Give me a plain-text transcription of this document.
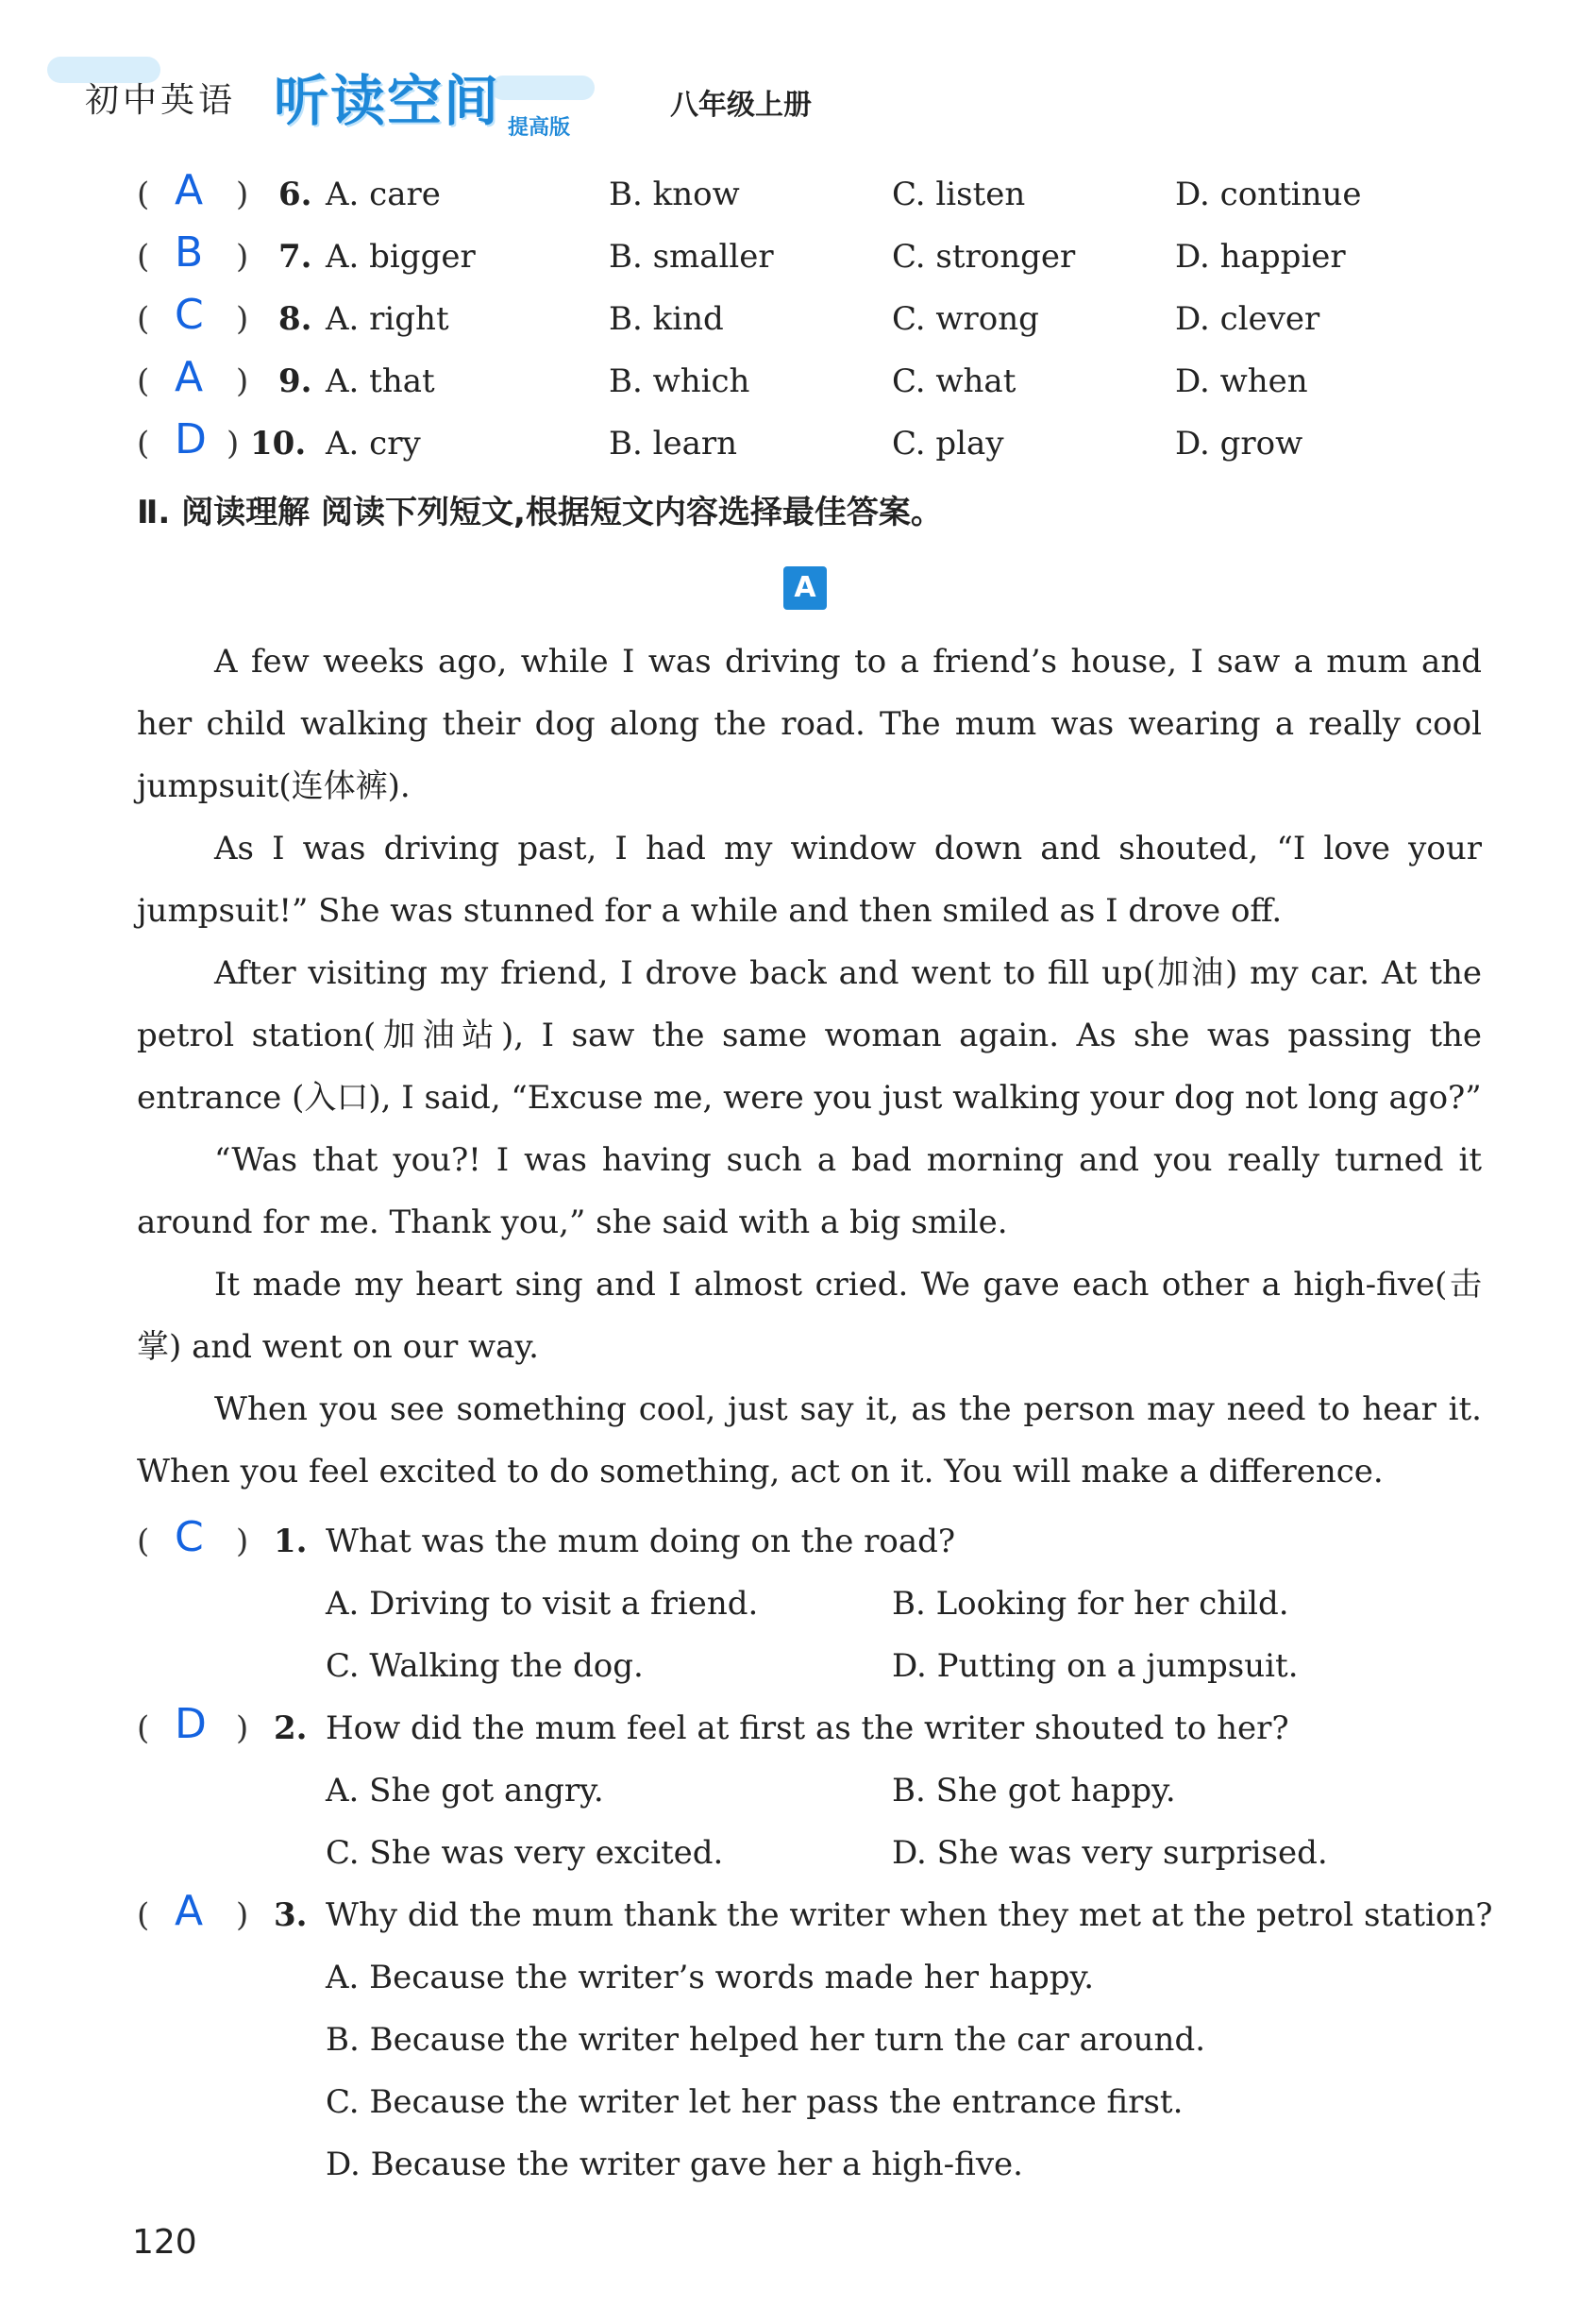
初中英语 听读空间 提高版
八年级上册
( A ) 6. A. care	B. know	C. listen	D. continue
( B ) 7. A. bigger	B. smaller	C. stronger	D. happier
( C ) 8. A. right	B. kind	C. wrong	D. clever
( A ) 9. A. that	B. which	C. what	D. when
( D ) 10. A. cry	B. learn	C. play	D. grow
Ⅱ. 阅读理解 阅读下列短文,根据短文内容选择最佳答案。
A

A few weeks ago, while I was driving to a friend’s house, I saw a mum and her child walking their dog along the road. The mum was wearing a really cool jumpsuit(连体裤).

As I was driving past, I had my window down and shouted, “I love your jumpsuit!” She was stunned for a while and then smiled as I drove off.

After visiting my friend, I drove back and went to fill up(加油) my car. At the petrol station(加油站), I saw the same woman again. As she was passing the entrance (入口), I said, “Excuse me, were you just walking your dog not long ago?”

“Was that you?! I was having such a bad morning and you really turned it around for me. Thank you,” she said with a big smile.

It made my heart sing and I almost cried. We gave each other a high-five(击掌) and went on our way.

When you see something cool, just say it, as the person may need to hear it. When you feel excited to do something, act on it. You will make a difference.

( C ) 1. What was the mum doing on the road?
A. Driving to visit a friend.	B. Looking for her child.
C. Walking the dog.	D. Putting on a jumpsuit.
( D ) 2. How did the mum feel at first as the writer shouted to her?
A. She got angry.	B. She got happy.
C. She was very excited.	D. She was very surprised.
( A ) 3. Why did the mum thank the writer when they met at the petrol station?
A. Because the writer’s words made her happy.
B. Because the writer helped her turn the car around.
C. Because the writer let her pass the entrance first.
D. Because the writer gave her a high-five.
120
